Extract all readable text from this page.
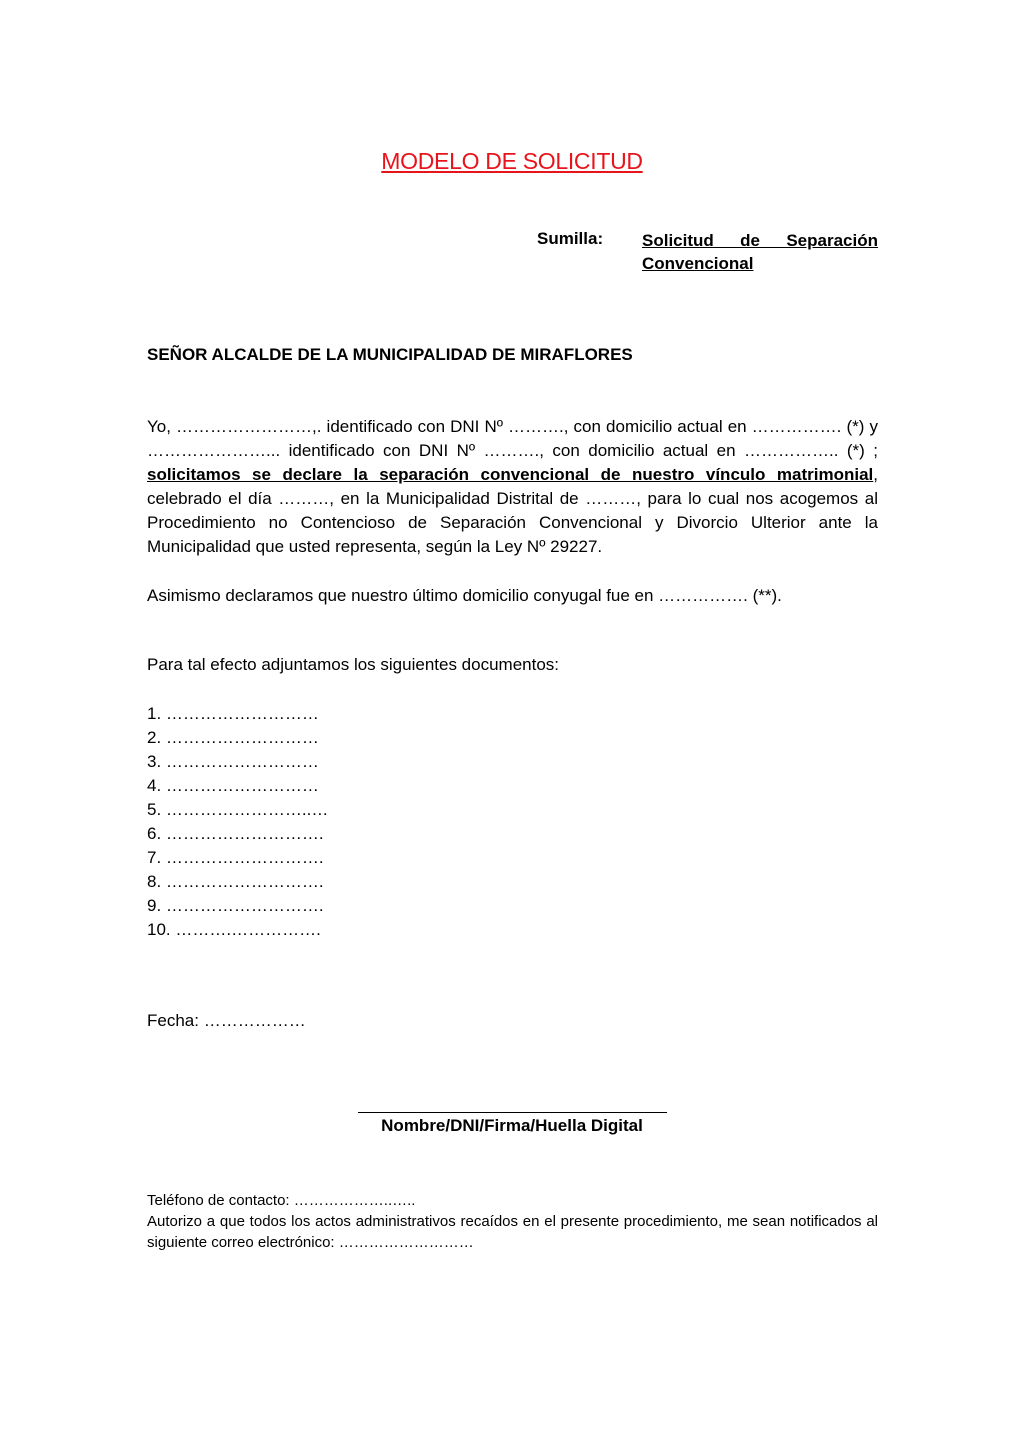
MODELO DE SOLICITUD
Sumilla: Solicitud de Separación
Convencional
SEÑOR ALCALDE DE LA MUNICIPALIDAD DE MIRAFLORES
Yo, ……………………,. identificado con DNI Nº ………., con domicilio actual en ……………. (*) y …………………... identificado con DNI Nº ………., con domicilio actual en …………….. (*) ; solicitamos se declare la separación convencional de nuestro vínculo matrimonial, celebrado el día ………, en la Municipalidad Distrital de ………, para lo cual nos acogemos al Procedimiento no Contencioso de Separación Convencional y Divorcio Ulterior ante la Municipalidad que usted representa, según la Ley Nº 29227.
Asimismo declaramos que nuestro último domicilio conyugal fue en ……………. (**).
Para tal efecto adjuntamos los siguientes documentos:
1. ………………………
2. ………………………
3. ………………………
4. ………………………
5. ……………………..…
6. ……………………….
7. ……………………….
8. ……………………….
9. ……………………….
10. ……….…………….
Fecha: ………………
Nombre/DNI/Firma/Huella Digital
Teléfono de contacto: ………………..…..
Autorizo a que todos los actos administrativos recaídos en el presente procedimiento, me sean notificados al siguiente correo electrónico: ………………………
